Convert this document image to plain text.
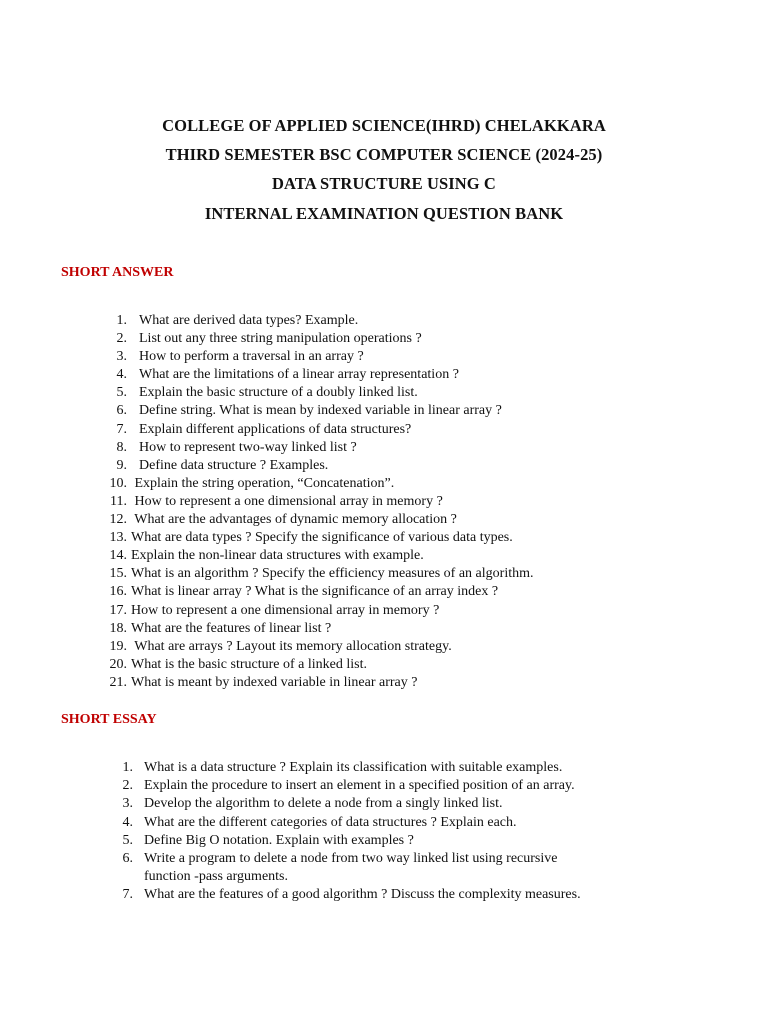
COLLEGE OF APPLIED SCIENCE(IHRD) CHELAKKARA
THIRD SEMESTER BSC COMPUTER SCIENCE (2024-25)
DATA STRUCTURE USING C
INTERNAL EXAMINATION QUESTION BANK
SHORT ANSWER
1. What are derived data types? Example.
2. List out any three string manipulation operations ?
3. How to perform a traversal in an array ?
4. What are the limitations of a linear array representation ?
5. Explain the basic structure of a doubly linked list.
6. Define string. What is mean by indexed variable in linear array ?
7. Explain different applications of data structures?
8. How to represent two-way linked list ?
9. Define data structure ? Examples.
10. Explain the string operation, “Concatenation”.
11. How to represent a one dimensional array in memory ?
12. What are the advantages of dynamic memory allocation ?
13. What are data types ? Specify the significance of various data types.
14. Explain the non-linear data structures with example.
15. What is an algorithm ? Specify the efficiency measures of an algorithm.
16. What is linear array ? What is the significance of an array index ?
17. How to represent a one dimensional array in memory ?
18. What are the features of linear list ?
19. What are arrays ? Layout its memory allocation strategy.
20. What is the basic structure of a linked list.
21. What is meant by indexed variable in linear array ?
SHORT ESSAY
1. What is a data structure ? Explain its classification with suitable examples.
2. Explain the procedure to insert an element in a specified position of an array.
3. Develop the algorithm to delete a node from a singly linked list.
4. What are the different categories of data structures ? Explain each.
5. Define Big O notation. Explain with examples ?
6. Write a program to delete a node from two way linked list using recursive
function -pass arguments.
7. What are the features of a good algorithm ? Discuss the complexity measures.
